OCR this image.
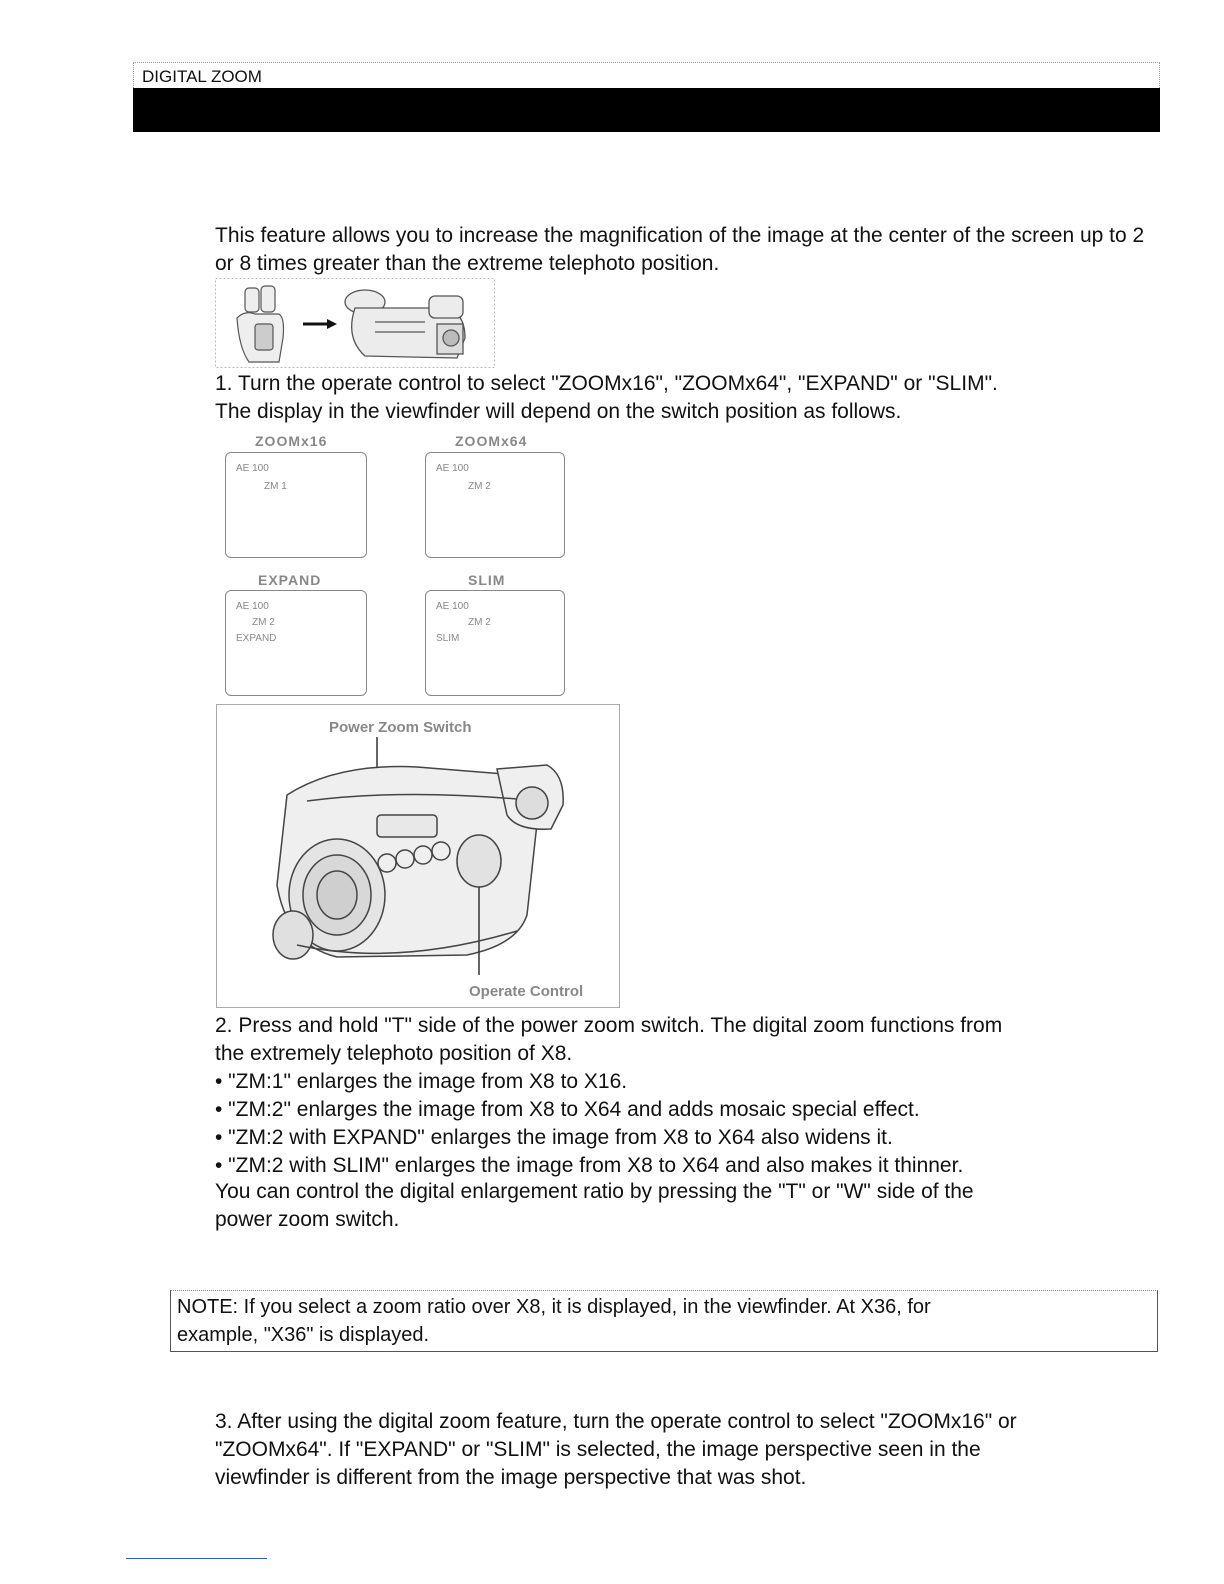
DIGITAL ZOOM

This feature allows you to increase the magnification of the image at the center of the screen up to 2 or 8 times greater than the extreme telephoto position.

1. Turn the operate control to select "ZOOMx16", "ZOOMx64", "EXPAND" or "SLIM".

The display in the viewfinder will depend on the switch position as follows.

ZOOMx16	ZOOMx64
EXPAND	SLIM
AE 100
ZM 1
AE 100
ZM 2
AE 100
ZM 2
EXPAND
AE 100
ZM 2
SLIM
Power Zoom Switch
Operate Control

2. Press and hold "T" side of the power zoom switch. The digital zoom functions from

the extremely telephoto position of X8.

• "ZM:1" enlarges the image from X8 to X16.

• "ZM:2" enlarges the image from X8 to X64 and adds mosaic special effect.

• "ZM:2 with EXPAND" enlarges the image from X8 to X64 also widens it.

• "ZM:2 with SLIM" enlarges the image from X8 to X64 and also makes it thinner.

You can control the digital enlargement ratio by pressing the "T" or "W" side of the

power zoom switch.

NOTE: If you select a zoom ratio over X8, it is displayed, in the viewfinder. At X36, for
example, "X36" is displayed.

3. After using the digital zoom feature, turn the operate control to select "ZOOMx16" or

"ZOOMx64". If "EXPAND" or "SLIM" is selected, the image perspective seen in the

viewfinder is different from the image perspective that was shot.
